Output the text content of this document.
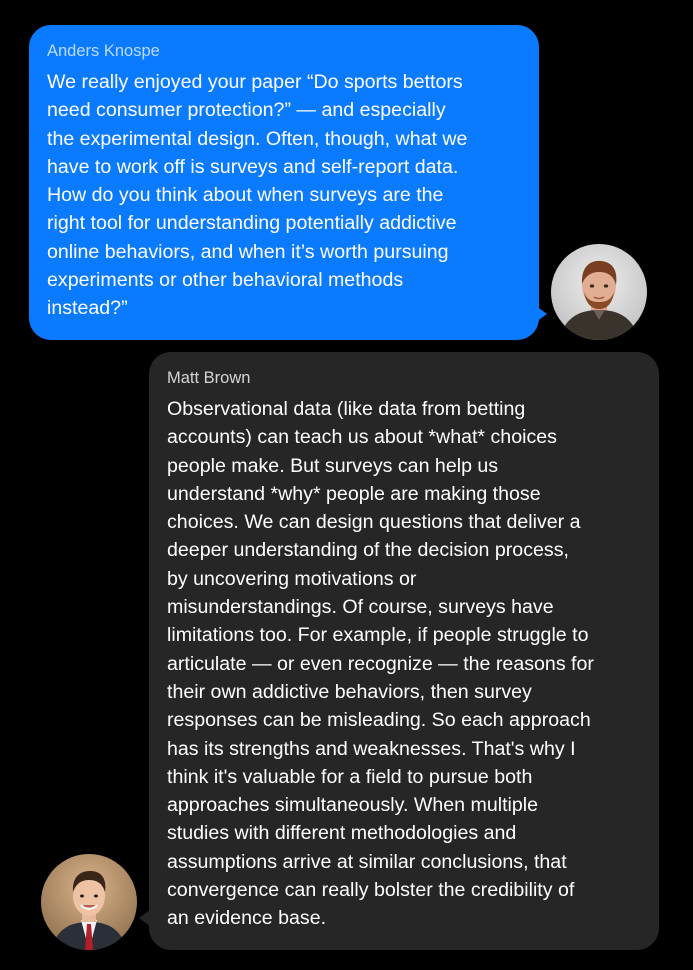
Anders Knospe

We really enjoyed your paper “Do sports bettors
need consumer protection?” — and especially
the experimental design. Often, though, what we
have to work off is surveys and self-report data.
How do you think about when surveys are the
right tool for understanding potentially addictive
online behaviors, and when it’s worth pursuing
experiments or other behavioral methods
instead?”

Matt Brown

Observational data (like data from betting
accounts) can teach us about *what* choices
people make. But surveys can help us
understand *why* people are making those
choices. We can design questions that deliver a
deeper understanding of the decision process,
by uncovering motivations or
misunderstandings. Of course, surveys have
limitations too. For example, if people struggle to
articulate — or even recognize — the reasons for
their own addictive behaviors, then survey
responses can be misleading. So each approach
has its strengths and weaknesses. That's why I
think it's valuable for a field to pursue both
approaches simultaneously. When multiple
studies with different methodologies and
assumptions arrive at similar conclusions, that
convergence can really bolster the credibility of
an evidence base.
